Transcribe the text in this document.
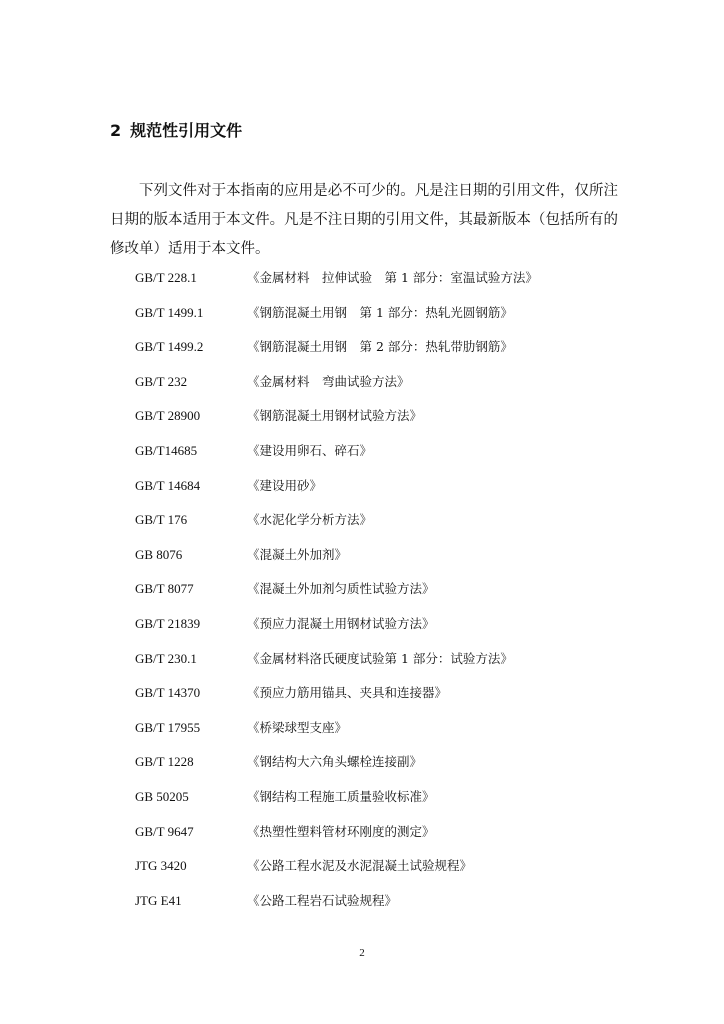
2 规范性引用文件
下列文件对于本指南的应用是必不可少的。凡是注日期的引用文件，仅所注日期的版本适用于本文件。凡是不注日期的引用文件，其最新版本（包括所有的修改单）适用于本文件。
GB/T 228.1	《金属材料　拉伸试验　第 1 部分：室温试验方法》
GB/T 1499.1	《钢筋混凝土用钢　第 1 部分：热轧光圆钢筋》
GB/T 1499.2	《钢筋混凝土用钢　第 2 部分：热轧带肋钢筋》
GB/T 232	《金属材料　弯曲试验方法》
GB/T 28900	《钢筋混凝土用钢材试验方法》
GB/T14685	《建设用卵石、碎石》
GB/T 14684	《建设用砂》
GB/T 176	《水泥化学分析方法》
GB 8076	《混凝土外加剂》
GB/T 8077	《混凝土外加剂匀质性试验方法》
GB/T 21839	《预应力混凝土用钢材试验方法》
GB/T 230.1	《金属材料洛氏硬度试验第 1 部分：试验方法》
GB/T 14370	《预应力筋用锚具、夹具和连接器》
GB/T 17955	《桥梁球型支座》
GB/T 1228	《钢结构大六角头螺栓连接副》
GB 50205	《钢结构工程施工质量验收标准》
GB/T 9647	《热塑性塑料管材环刚度的测定》
JTG 3420	《公路工程水泥及水泥混凝土试验规程》
JTG E41	《公路工程岩石试验规程》
2
